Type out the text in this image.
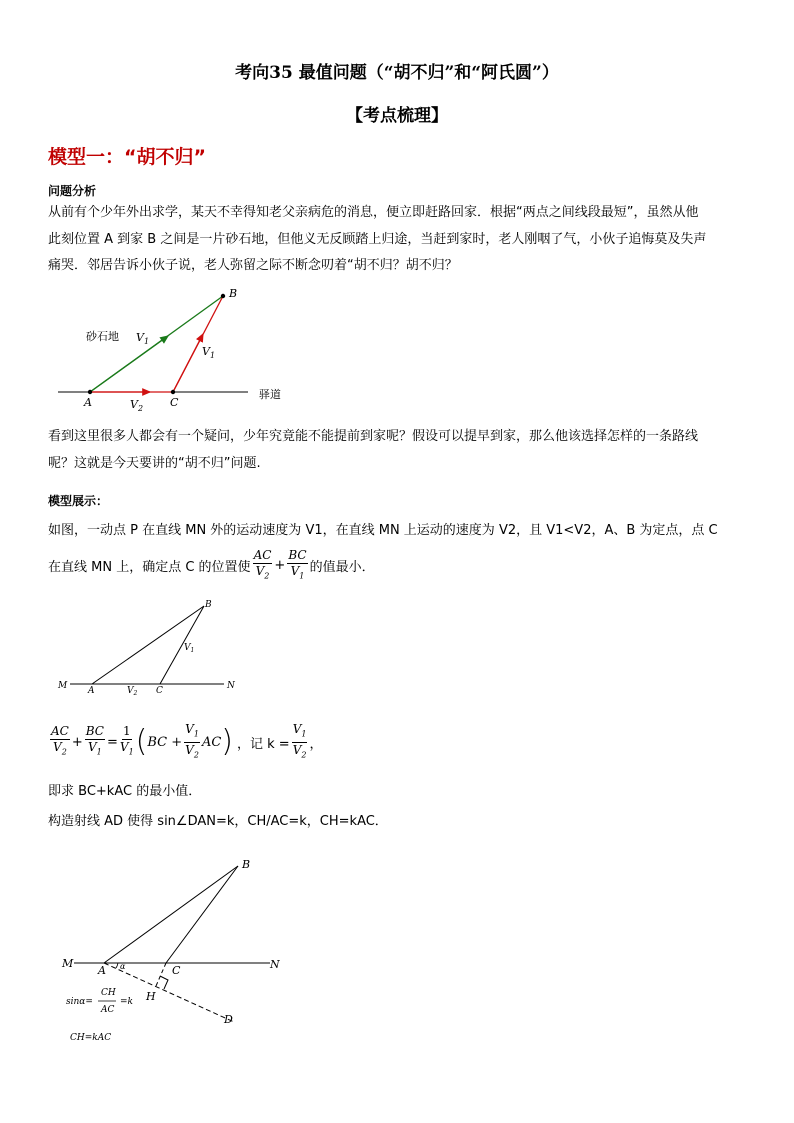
考向35 最值问题（“胡不归”和“阿氏圆”）
【考点梳理】
模型一：“胡不归”
问题分析
从前有个少年外出求学，某天不幸得知老父亲病危的消息，便立即赶路回家．根据“两点之间线段最短”，虽然从他
此刻位置 A 到家 B 之间是一片砂石地，但他义无反顾踏上归途，当赶到家时，老人刚咽了气，小伙子追悔莫及失声
痛哭．邻居告诉小伙子说，老人弥留之际不断念叨着“胡不归？胡不归？
砂石地
驿道
A	C
B
$V_1$
$V_1$
$V_2$
看到这里很多人都会有一个疑问，少年究竟能不能提前到家呢？假设可以提早到家，那么他该选择怎样的一条路线
呢？这就是今天要讲的“胡不归”问题.
模型展示：
如图，一动点 P 在直线 MN 外的运动速度为 V1，在直线 MN 上运动的速度为 V2，且 V1<V2，A、B 为定点，点 C
在直线 MN 上，确定点 C 的位置使 $\frac{AC}{V_2} + \frac{BC}{V_1}$ 的值最小．
M	N
A	C
B
$V_1$
$V_2$
$\frac{AC}{V_2} + \frac{BC}{V_1} = \frac{1}{V_1}$ ( BC + $\frac{V_1}{V_2}$ AC ) ，记 $k = \frac{V_1}{V_2}$ ，
即求 BC+kAC 的最小值．
构造射线 AD 使得 sin∠DAN=k，CH/AC=k，CH=kAC．
M	N
A	C
B
H
D
α
sinα=
CH
AC
=k
CH=kAC
